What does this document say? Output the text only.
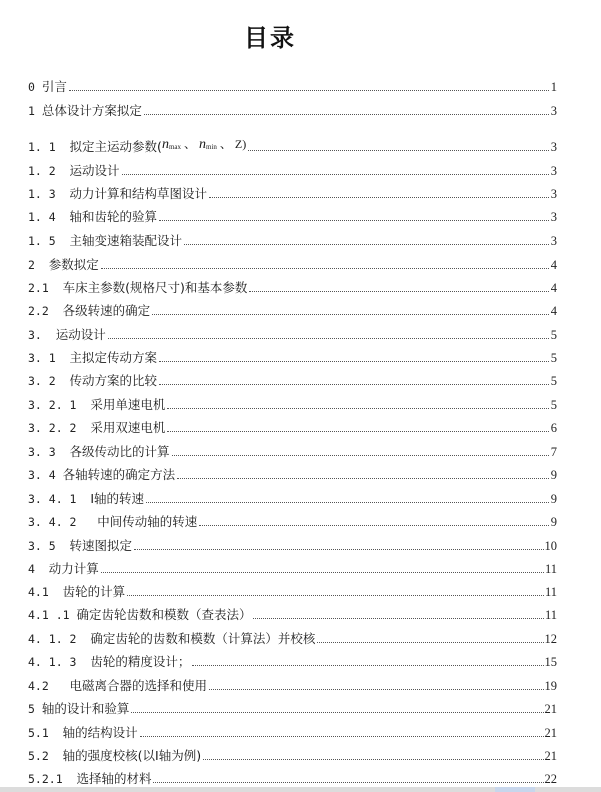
目录
0 引言	1
1 总体设计方案拟定	3
1. 1 拟定主运动参数( $n_{max}$ 、 $n_{min}$ 、 Z)	3
1. 2 运动设计	3
1. 3 动力计算和结构草图设计	3
1. 4 轴和齿轮的验算	3
1. 5 主轴变速箱装配设计	3
2 参数拟定	4
2.1 车床主参数(规格尺寸)和基本参数	4
2.2 各级转速的确定	4
3. 运动设计	5
3. 1 主拟定传动方案	5
3. 2 传动方案的比较	5
3. 2. 1 采用单速电机	5
3. 2. 2 采用双速电机	6
3. 3 各级传动比的计算	7
3. 4 各轴转速的确定方法	9
3. 4. 1 Ⅰ轴的转速	9
3. 4. 2 中间传动轴的转速	9
3. 5 转速图拟定	10
4 动力计算	11
4.1 齿轮的计算	11
4.1 .1 确定齿轮齿数和模数（查表法）	11
4. 1. 2 确定齿轮的齿数和模数（计算法）并校核	12
4. 1. 3 齿轮的精度设计；	15
4.2 电磁离合器的选择和使用	19
5 轴的设计和验算	21
5.1 轴的结构设计	21
5.2 轴的强度校核(以Ⅰ轴为例)	21
5.2.1 选择轴的材料	22
